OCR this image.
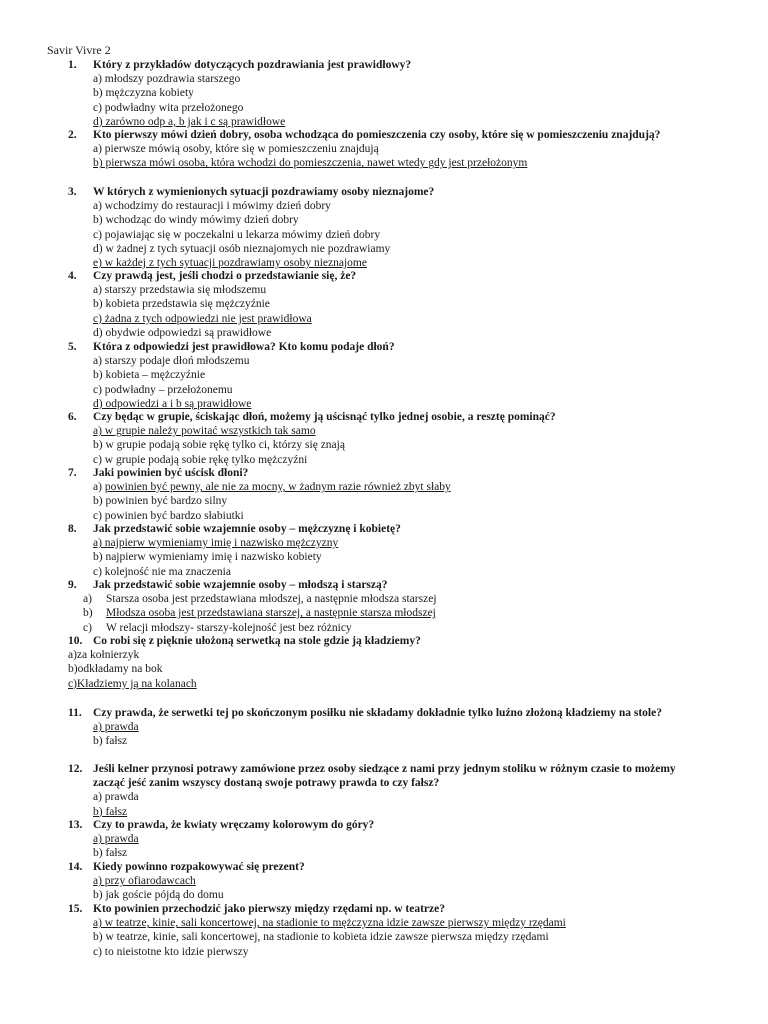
Savir Vivre 2
1.	Który z przykładów dotyczących pozdrawiania jest prawidłowy?
a) młodszy pozdrawia starszego
b) mężczyzna kobiety
c) podwładny wita przełożonego
d) zarówno odp a, b jak i c są prawidłowe
2.	Kto pierwszy mówi dzień dobry, osoba wchodząca do pomieszczenia czy osoby, które się w pomieszczeniu znajdują?
a) pierwsze mówią osoby, które się w pomieszczeniu znajdują
b) pierwsza mówi osoba, która wchodzi do pomieszczenia, nawet wtedy gdy jest przełożonym
3.	W których z wymienionych sytuacji pozdrawiamy osoby nieznajome?
a) wchodzimy do restauracji i mówimy dzień dobry
b) wchodząc do windy mówimy dzień dobry
c) pojawiając się w poczekalni u lekarza mówimy dzień dobry
d) w żadnej z tych sytuacji osób nieznajomych nie pozdrawiamy
e) w każdej z tych sytuacji pozdrawiamy osoby nieznajome
4.	Czy prawdą jest, jeśli chodzi o przedstawianie się, że?
a) starszy przedstawia się młodszemu
b) kobieta przedstawia się mężczyźnie
c) żadna z tych odpowiedzi nie jest prawidłowa
d) obydwie odpowiedzi są prawidłowe
5.	Która z odpowiedzi jest prawidłowa? Kto komu podaje dłoń?
a) starszy podaje dłoń młodszemu
b) kobieta – mężczyźnie
c) podwładny – przełożonemu
d) odpowiedzi a i b są prawidłowe
6.	Czy będąc w grupie, ściskając dłoń, możemy ją uścisnąć tylko jednej osobie, a resztę pominąć?
a) w grupie należy powitać wszystkich tak samo
b) w grupie podają sobie rękę tylko ci, którzy się znają
c) w grupie podają sobie rękę tylko mężczyźni
7.	Jaki powinien być uścisk dłoni?
a) powinien być pewny, ale nie za mocny, w żadnym razie również zbyt słaby
b) powinien być bardzo silny
c) powinien być bardzo słabiutki
8.	Jak przedstawić sobie wzajemnie osoby – mężczyznę i kobietę?
a) najpierw wymieniamy imię i nazwisko mężczyzny
b) najpierw wymieniamy imię i nazwisko kobiety
c) kolejność nie ma znaczenia
9.	Jak przedstawić sobie wzajemnie osoby – młodszą i starszą?
a)	Starsza osoba jest przedstawiana młodszej, a następnie młodsza starszej
b)	Młodsza osoba jest przedstawiana starszej, a następnie starsza młodszej
c)	W relacji młodszy- starszy-kolejność jest bez różnicy
10. Co robi się z pięknie ułożoną serwetką na stole gdzie ją kładziemy?
a)za kołnierzyk
b)odkładamy na bok
c)Kładziemy ją na kolanach
11. Czy prawda, że serwetki tej po skończonym posiłku nie składamy dokładnie tylko luźno złożoną kładziemy na stole?
a) prawda
b) fałsz
12. Jeśli kelner przynosi potrawy zamówione przez osoby siedzące z nami przy jednym stoliku w różnym czasie to możemy zacząć jeść zanim wszyscy dostaną swoje potrawy prawda to czy fałsz?
a) prawda
b) fałsz
13. Czy to prawda, że kwiaty wręczamy kolorowym do góry?
a) prawda
b) fałsz
14. Kiedy powinno rozpakowywać się prezent?
a) przy ofiarodawcach
b) jak goście pójdą do domu
15. Kto powinien przechodzić jako pierwszy między rzędami np. w teatrze?
a) w teatrze, kinie, sali koncertowej, na stadionie to mężczyzna idzie zawsze pierwszy między rzędami
b) w teatrze, kinie, sali koncertowej, na stadionie to kobieta idzie zawsze pierwsza między rzędami
c) to nieistotne kto idzie pierwszy
